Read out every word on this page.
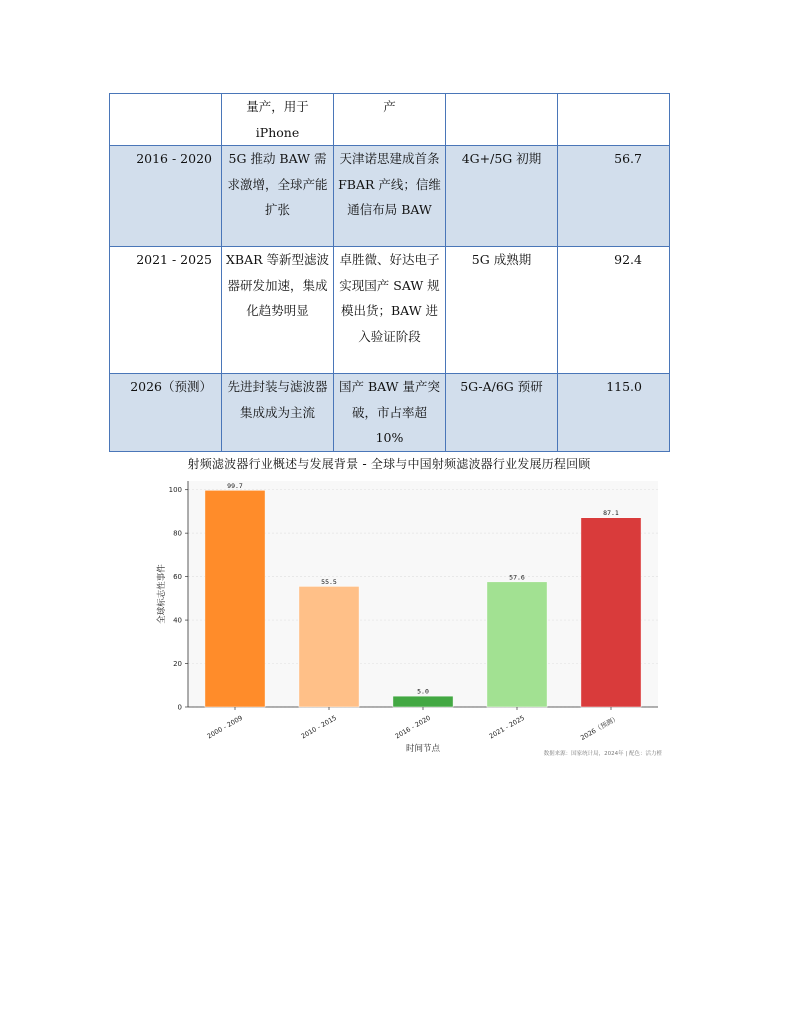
	量产，用于 iPhone	产		
2016 - 2020	5G 推动 BAW 需求激增，全球产能扩张	天津诺思建成首条 FBAR 产线；信维通信布局 BAW	4G+/5G 初期	56.7
2021 - 2025	XBAR 等新型滤波器研发加速，集成化趋势明显	卓胜微、好达电子实现国产 SAW 规模出货；BAW 进入验证阶段	5G 成熟期	92.4
2026（预测）	先进封装与滤波器集成成为主流	国产 BAW 量产突破，市占率超 10%	5G-A/6G 预研	115.0
射频滤波器行业概述与发展背景 - 全球与中国射频滤波器行业发展历程回顾
0
20
40
60
80
100
99.7
2000 - 2009
55.5
2010 - 2015
5.0
2016 - 2020
57.6
2021 - 2025
87.1
2026（预测）
时间节点
全球标志性事件
数据来源：国家统计局，2024年 | 配色：活力橙
